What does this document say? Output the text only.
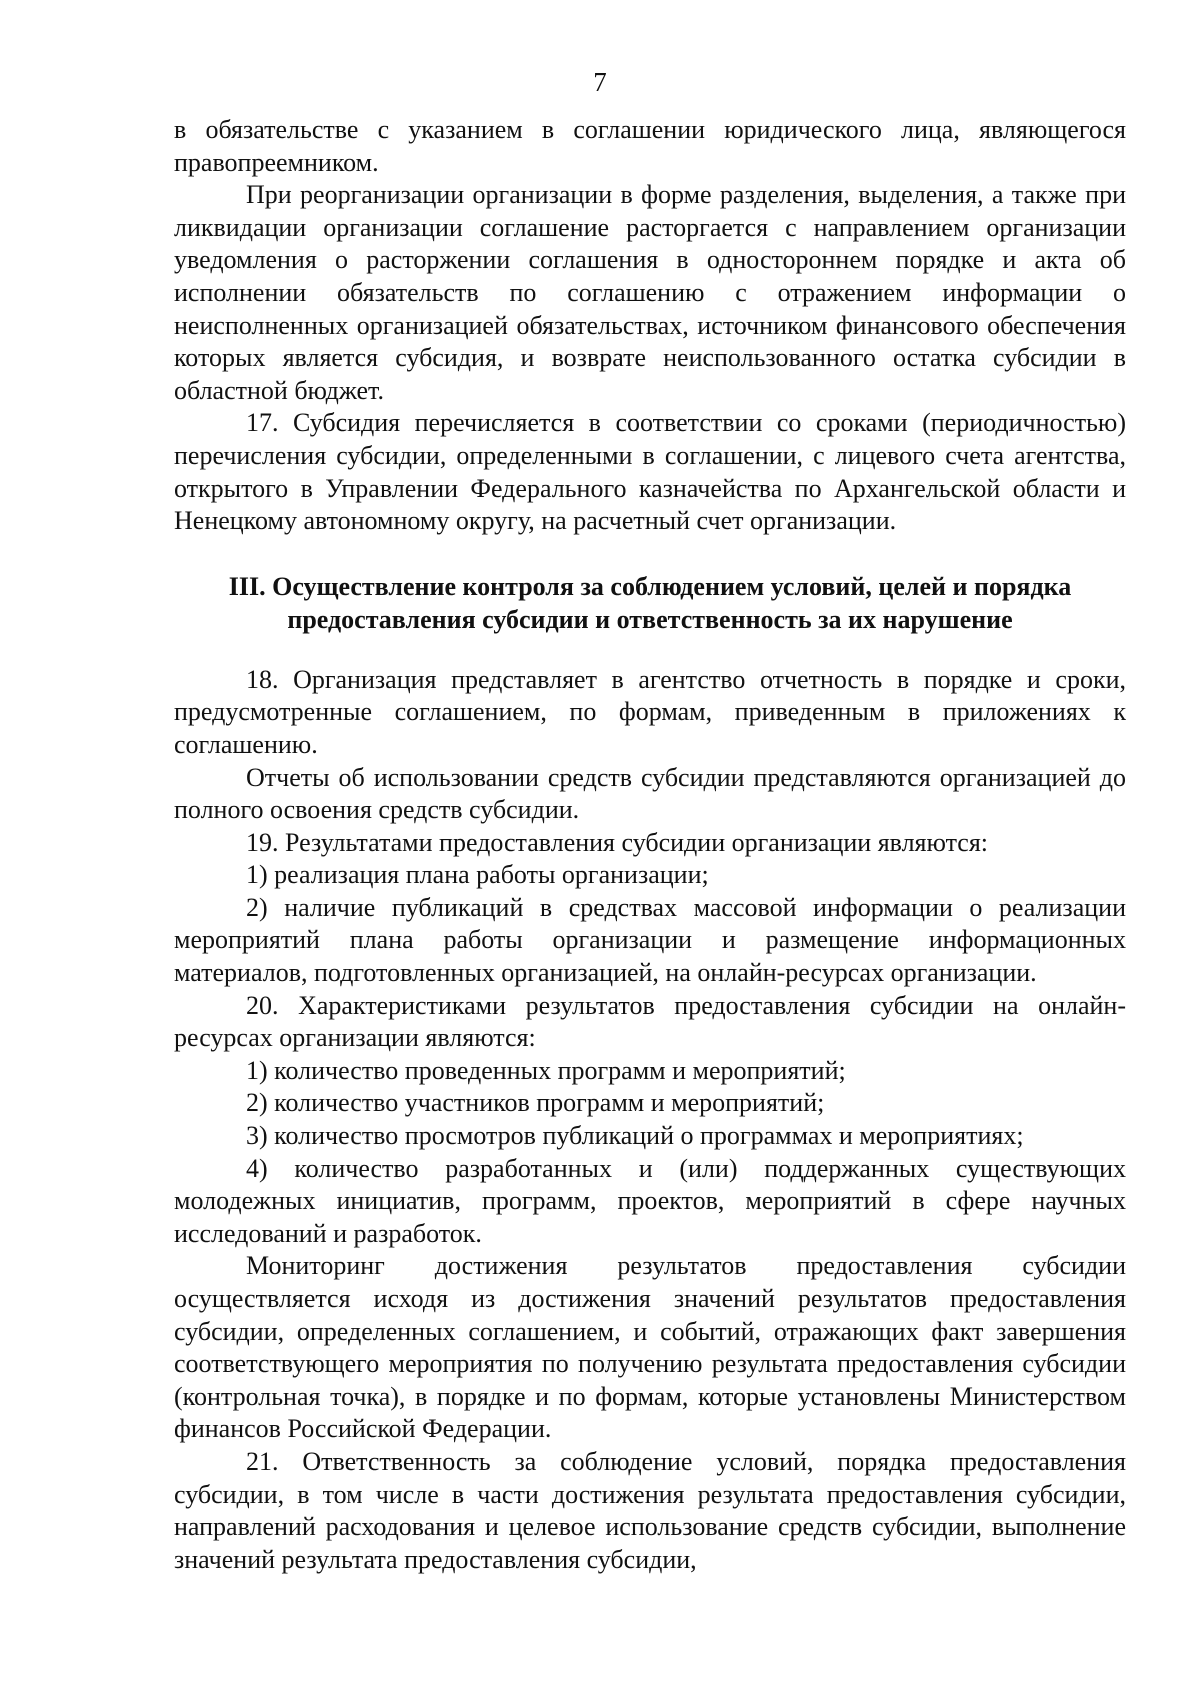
7

в обязательстве с указанием в соглашении юридического лица, являющегося правопреемником.

При реорганизации организации в форме разделения, выделения, а также при ликвидации организации соглашение расторгается с направлением организации уведомления о расторжении соглашения в одностороннем порядке и акта об исполнении обязательств по соглашению с отражением информации о неисполненных организацией обязательствах, источником финансового обеспечения которых является субсидия, и возврате неиспользованного остатка субсидии в областной бюджет.

17. Субсидия перечисляется в соответствии со сроками (периодичностью) перечисления субсидии, определенными в соглашении, с лицевого счета агентства, открытого в Управлении Федерального казначейства по Архангельской области и Ненецкому автономному округу, на расчетный счет организации.

III. Осуществление контроля за соблюдением условий, целей и порядка
предоставления субсидии и ответственность за их нарушение

18. Организация представляет в агентство отчетность в порядке и сроки, предусмотренные соглашением, по формам, приведенным в приложениях к соглашению.

Отчеты об использовании средств субсидии представляются организацией до полного освоения средств субсидии.

19. Результатами предоставления субсидии организации являются:

1) реализация плана работы организации;

2) наличие публикаций в средствах массовой информации о реализации мероприятий плана работы организации и размещение информационных материалов, подготовленных организацией, на онлайн-ресурсах организации.

20. Характеристиками результатов предоставления субсидии на онлайн-ресурсах организации являются:

1) количество проведенных программ и мероприятий;

2) количество участников программ и мероприятий;

3) количество просмотров публикаций о программах и мероприятиях;

4) количество разработанных и (или) поддержанных существующих молодежных инициатив, программ, проектов, мероприятий в сфере научных исследований и разработок.

Мониторинг достижения результатов предоставления субсидии осуществляется исходя из достижения значений результатов предоставления субсидии, определенных соглашением, и событий, отражающих факт завершения соответствующего мероприятия по получению результата предоставления субсидии (контрольная точка), в порядке и по формам, которые установлены Министерством финансов Российской Федерации.

21. Ответственность за соблюдение условий, порядка предоставления субсидии, в том числе в части достижения результата предоставления субсидии, направлений расходования и целевое использование средств субсидии, выполнение значений результата предоставления субсидии,
